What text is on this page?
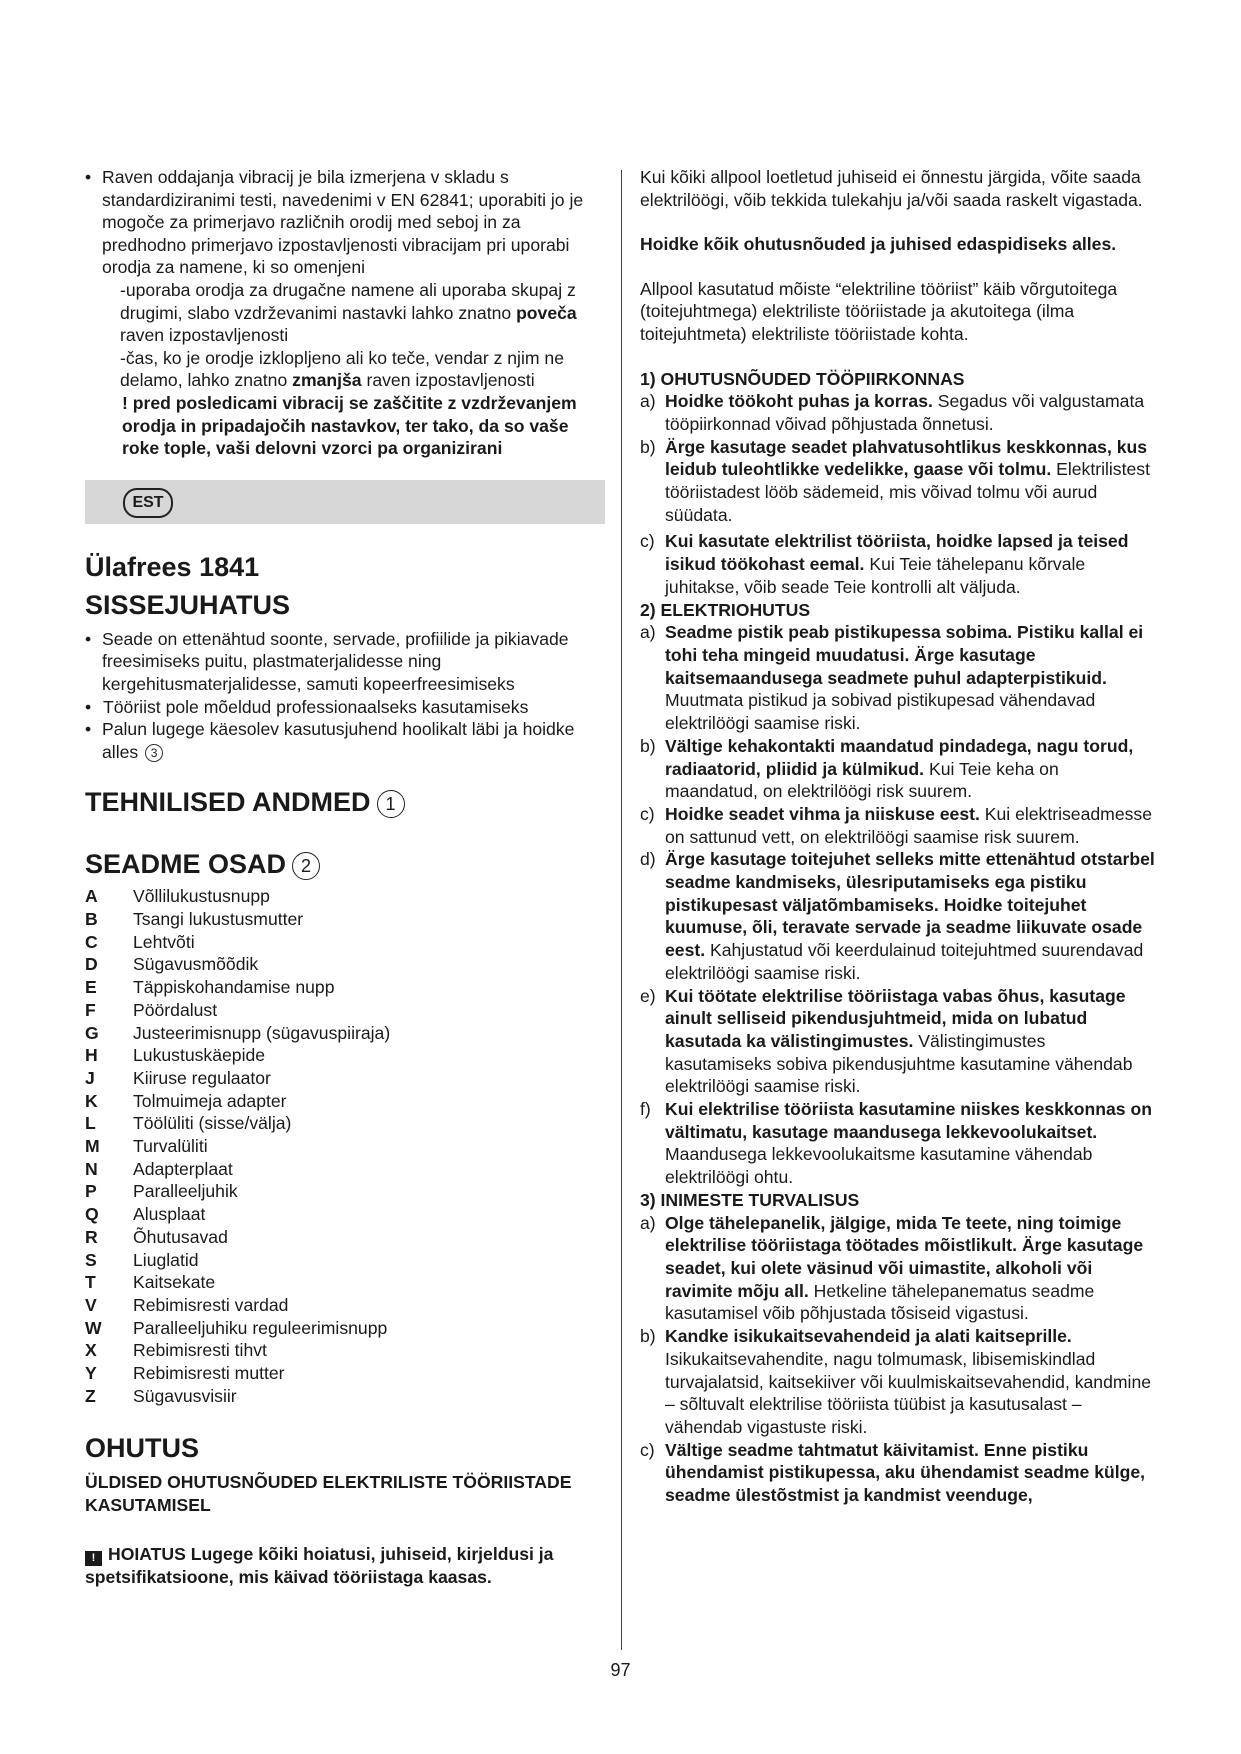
• Raven oddajanja vibracij je bila izmerjena v skladu s standardiziranimi testi, navedenimi v EN 62841; uporabiti jo je mogoče za primerjavo različnih orodij med seboj in za predhodno primerjavo izpostavljenosti vibracijam pri uporabi orodja za namene, ki so omenjeni

-uporaba orodja za drugačne namene ali uporaba skupaj z drugimi, slabo vzdrževanimi nastavki lahko znatno poveča raven izpostavljenosti

-čas, ko je orodje izklopljeno ali ko teče, vendar z njim ne delamo, lahko znatno zmanjša raven izpostavljenosti

! pred posledicami vibracij se zaščitite z vzdrževanjem orodja in pripadajočih nastavkov, ter tako, da so vaše roke tople, vaši delovni vzorci pa organizirani

EST
Ülafrees 1841
SISSEJUHATUS

• Seade on ettenähtud soonte, servade, profiilide ja pikiavade freesimiseks puitu, plastmaterjalidesse ning kergehitusmaterjalidesse, samuti kopeerfreesimiseks

• Tööriist pole mõeldud professionaalseks kasutamiseks

• Palun lugege käesolev kasutusjuhend hoolikalt läbi ja hoidke alles 3

TEHNILISED ANDMED 1
SEADME OSAD 2
A	Võllilukustusnupp
B	Tsangi lukustusmutter
C	Lehtvõti
D	Sügavusmõõdik
E	Täppiskohandamise nupp
F	Pöördalust
G	Justeerimisnupp (sügavuspiiraja)
H	Lukustuskäepide
J	Kiiruse regulaator
K	Tolmuimeja adapter
L	Töölüliti (sisse/välja)
M	Turvalüliti
N	Adapterplaat
P	Paralleeljuhik
Q	Alusplaat
R	Õhutusavad
S	Liuglatid
T	Kaitsekate
V	Rebimisresti vardad
W	Paralleeljuhiku reguleerimisnupp
X	Rebimisresti tihvt
Y	Rebimisresti mutter
Z	Sügavusvisiir
OHUTUS

ÜLDISED OHUTUSNÕUDED ELEKTRILISTE TÖÖRIISTADE KASUTAMISEL

! HOIATUS Lugege kõiki hoiatusi, juhiseid, kirjeldusi ja spetsifikatsioone, mis käivad tööriistaga kaasas.

Kui kõiki allpool loetletud juhiseid ei õnnestu järgida, võite saada elektrilöögi, võib tekkida tulekahju ja/või saada raskelt vigastada.

Hoidke kõik ohutusnõuded ja juhised edaspidiseks alles.

Allpool kasutatud mõiste “elektriline tööriist” käib võrgutoitega (toitejuhtmega) elektriliste tööriistade ja akutoitega (ilma toitejuhtmeta) elektriliste tööriistade kohta.

1) OHUTUSNÕUDED TÖÖPIIRKONNAS

a) Hoidke töökoht puhas ja korras. Segadus või valgustamata tööpiirkonnad võivad põhjustada õnnetusi.

b) Ärge kasutage seadet plahvatusohtlikus keskkonnas, kus leidub tuleohtlikke vedelikke, gaase või tolmu. Elektrilistest tööriistadest lööb sädemeid, mis võivad tolmu või aurud süüdata.

c) Kui kasutate elektrilist tööriista, hoidke lapsed ja teised isikud töökohast eemal. Kui Teie tähelepanu kõrvale juhitakse, võib seade Teie kontrolli alt väljuda.

2) ELEKTRIOHUTUS

a) Seadme pistik peab pistikupessa sobima. Pistiku kallal ei tohi teha mingeid muudatusi. Ärge kasutage kaitsemaandusega seadmete puhul adapterpistikuid. Muutmata pistikud ja sobivad pistikupesad vähendavad elektrilöögi saamise riski.

b) Vältige kehakontakti maandatud pindadega, nagu torud, radiaatorid, pliidid ja külmikud. Kui Teie keha on maandatud, on elektrilöögi risk suurem.

c) Hoidke seadet vihma ja niiskuse eest. Kui elektriseadmesse on sattunud vett, on elektrilöögi saamise risk suurem.

d) Ärge kasutage toitejuhet selleks mitte ettenähtud otstarbel seadme kandmiseks, ülesriputamiseks ega pistiku pistikupesast väljatõmbamiseks. Hoidke toitejuhet kuumuse, õli, teravate servade ja seadme liikuvate osade eest. Kahjustatud või keerdulainud toitejuhtmed suurendavad elektrilöögi saamise riski.

e) Kui töötate elektrilise tööriistaga vabas õhus, kasutage ainult selliseid pikendusjuhtmeid, mida on lubatud kasutada ka välistingimustes. Välistingimustes kasutamiseks sobiva pikendusjuhtme kasutamine vähendab elektrilöögi saamise riski.

f) Kui elektrilise tööriista kasutamine niiskes keskkonnas on vältimatu, kasutage maandusega lekkevoolukaitset. Maandusega lekkevoolukaitsme kasutamine vähendab elektrilöögi ohtu.

3) INIMESTE TURVALISUS

a) Olge tähelepanelik, jälgige, mida Te teete, ning toimige elektrilise tööriistaga töötades mõistlikult. Ärge kasutage seadet, kui olete väsinud või uimastite, alkoholi või ravimite mõju all. Hetkeline tähelepanematus seadme kasutamisel võib põhjustada tõsiseid vigastusi.

b) Kandke isikukaitsevahendeid ja alati kaitseprille. Isikukaitsevahendite, nagu tolmumask, libisemiskindlad turvajalatsid, kaitsekiiver või kuulmiskaitsevahendid, kandmine – sõltuvalt elektrilise tööriista tüübist ja kasutusalast – vähendab vigastuste riski.

c) Vältige seadme tahtmatut käivitamist. Enne pistiku ühendamist pistikupessa, aku ühendamist seadme külge, seadme ülestõstmist ja kandmist veenduge,

97
